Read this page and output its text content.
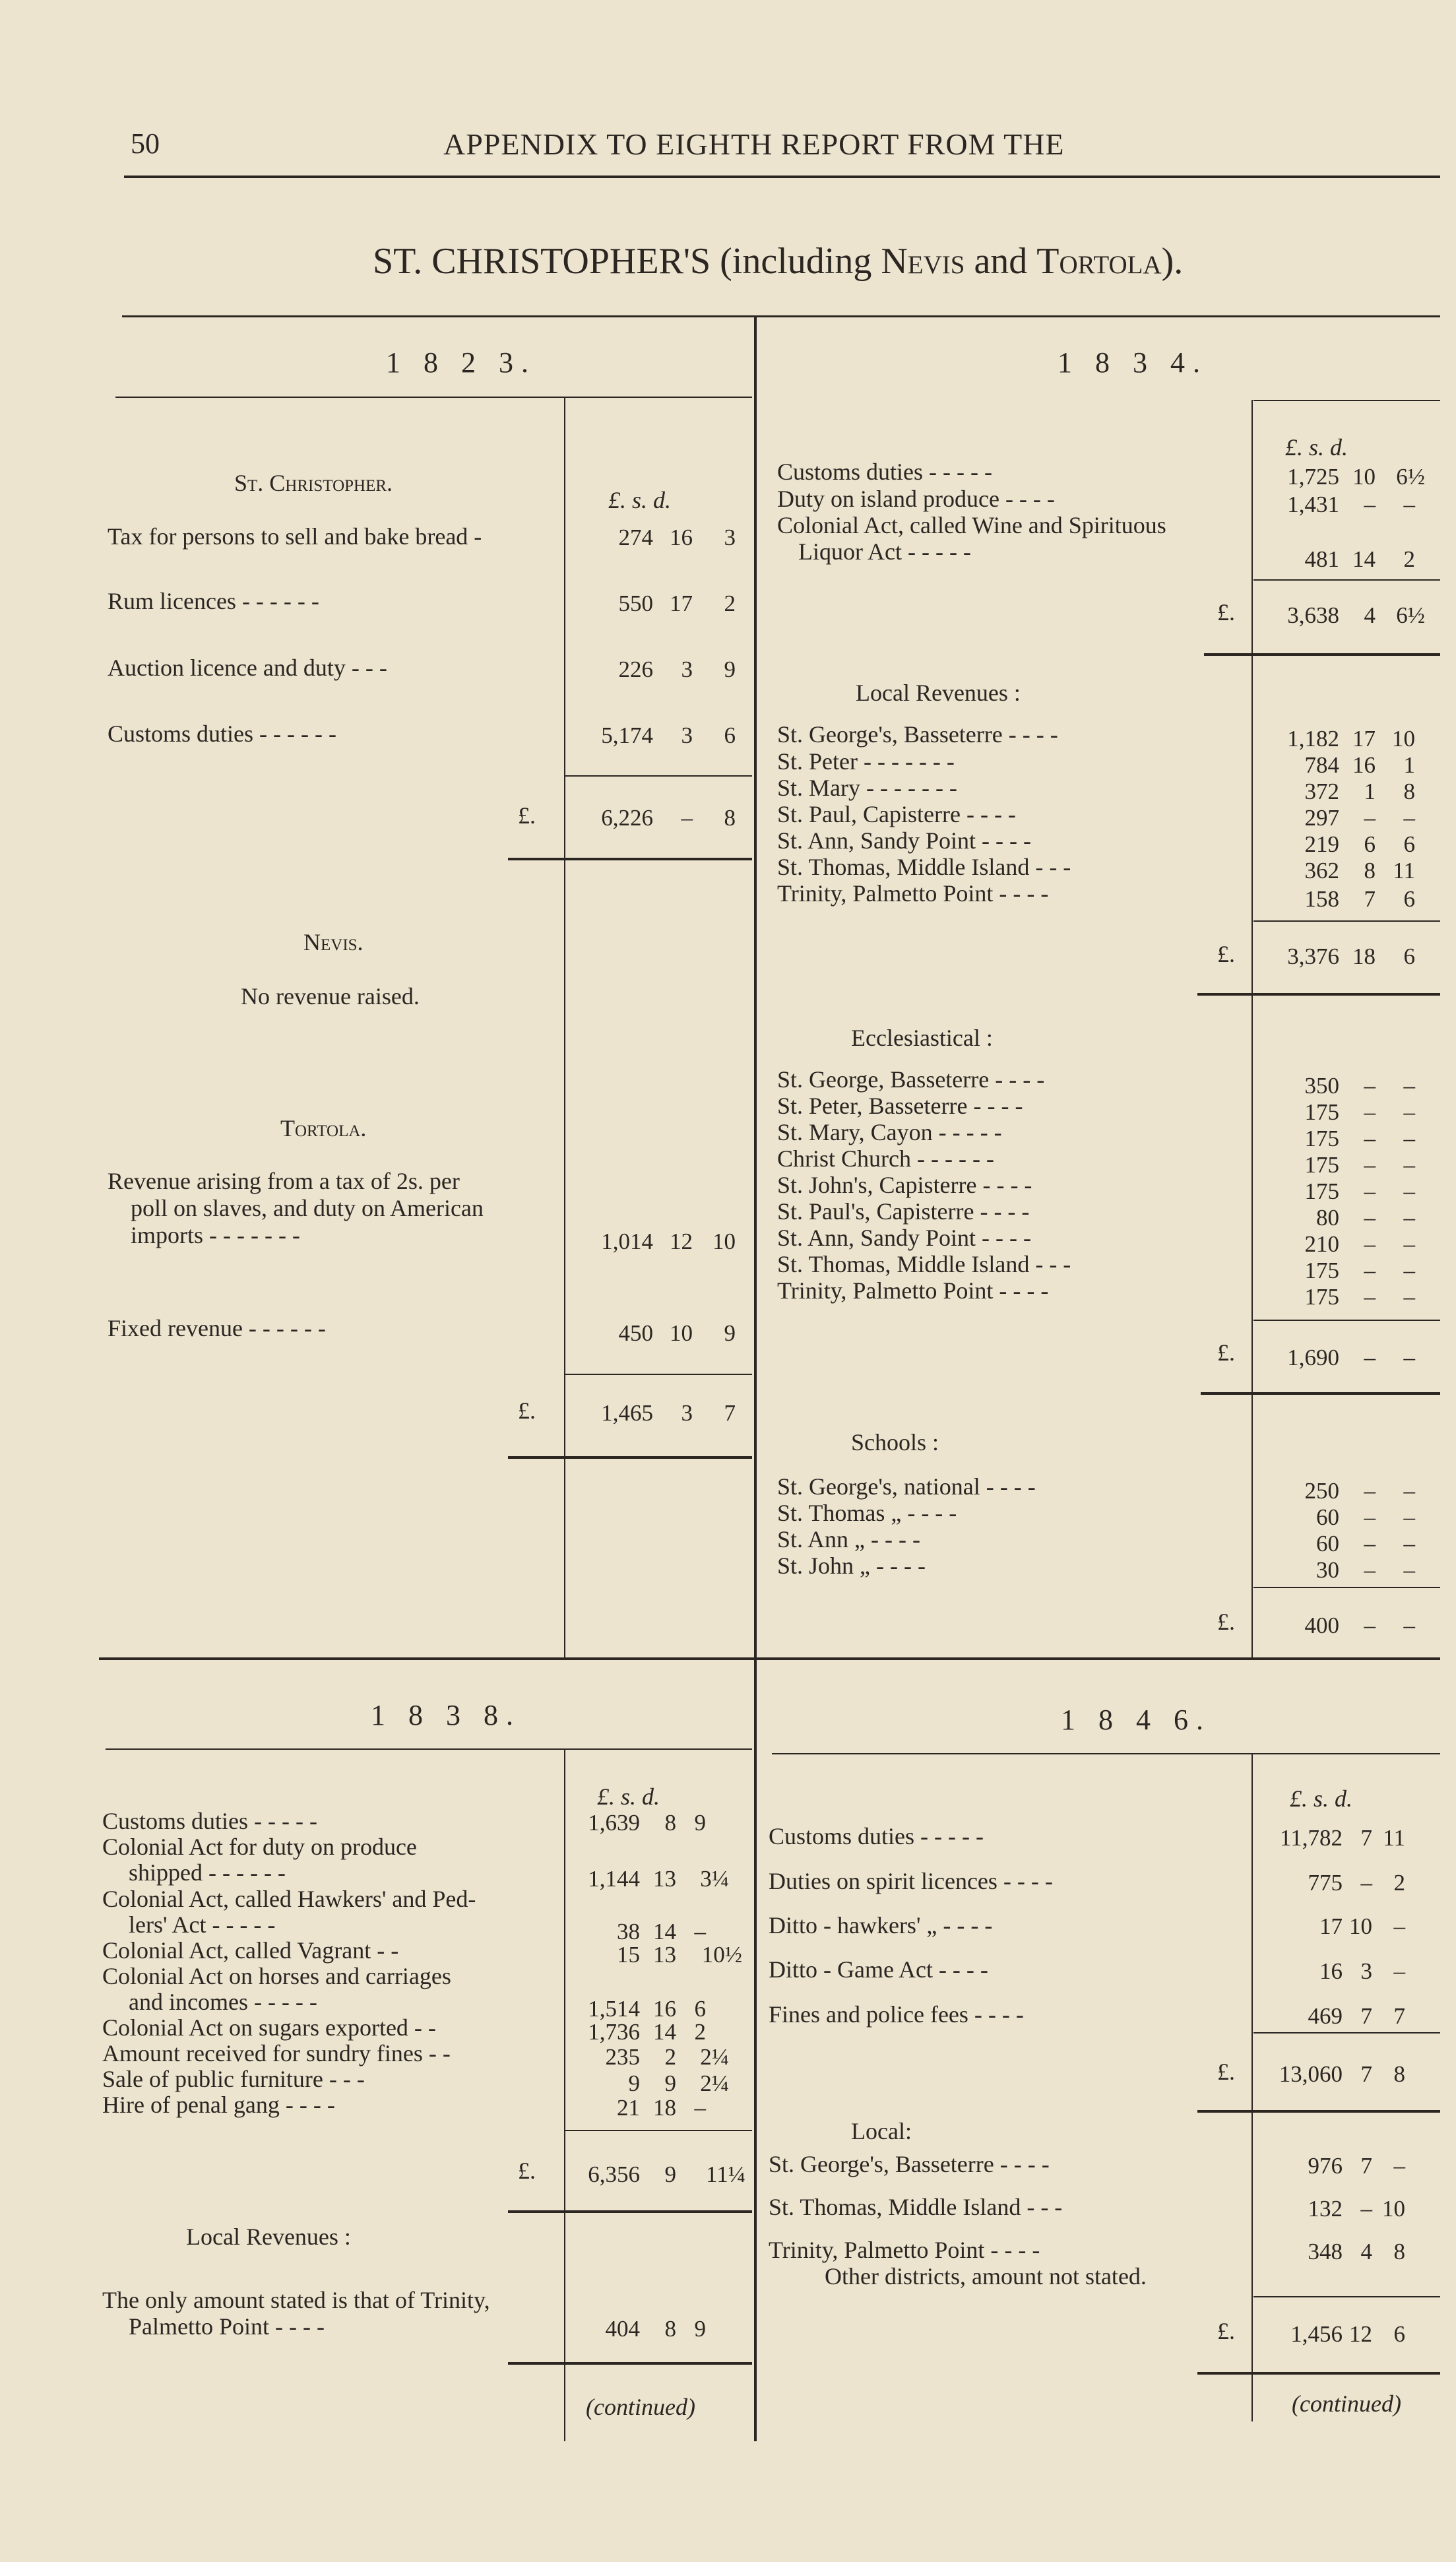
50	APPENDIX TO EIGHTH REPORT FROM THE
ST. CHRISTOPHER'S (including Nevis and Tortola).
1 8 2 3.
St. Christopher.
£. s. d.
Tax for persons to sell and bake bread -	274 16	3
Rum licences - - - - - -	550 17	2
Auction licence and duty - - -	226	3	9
Customs duties - - - - - -	5,174	3	6
£.	6,226	–	8
Nevis.
No revenue raised.
Tortola.
Revenue arising from a tax of 2s. per
poll on slaves, and duty on American
imports - - - - - - -	1,014 12 10
Fixed revenue - - - - - -	450 10	9
£.	1,465	3	7
1 8 3 4.
£. s. d.
Customs duties - - - - -	1,725 10 6½
Duty on island produce - - - -	1,431	–	–
Colonial Act, called Wine and Spirituous
Liquor Act - - - - -	481 14	2
£.	3,638	4 6½
Local Revenues :
St. George's, Basseterre - - - -	1,182 17 10
St. Peter - - - - - - -	784 16	1
St. Mary - - - - - - -	372	1	8
St. Paul, Capisterre - - - -	297	–	–
St. Ann, Sandy Point - - - -	219	6	6
St. Thomas, Middle Island - - -	362	8 11
Trinity, Palmetto Point - - - -	158	7	6
£.	3,376 18	6
Ecclesiastical :
St. George, Basseterre - - - -	350	–	–
St. Peter, Basseterre - - - -	175	–	–
St. Mary, Cayon - - - - -	175	–	–
Christ Church - - - - - -	175	–	–
St. John's, Capisterre - - - -	175	–	–
St. Paul's, Capisterre - - - -	80	–	–
St. Ann, Sandy Point - - - -	210	–	–
St. Thomas, Middle Island - - -	175	–	–
Trinity, Palmetto Point - - - -	175	–	–
£.	1,690	–	–
Schools :
St. George's, national - - - -	250	–	–
St. Thomas „ - - - -	60	–	–
St. Ann „ - - - -	60	–	–
St. John „ - - - -	30	–	–
£.	400	–	–
1 8 3 8.
£. s. d.
Customs duties - - - - -	1,639	8 9
Colonial Act for duty on produce
shipped - - - - - -	1,144 13	3¼
Colonial Act, called Hawkers' and Ped-
lers' Act - - - - -	38 14 –
Colonial Act, called Vagrant - -	15 13	10½
Colonial Act on horses and carriages
and incomes - - - - -	1,514 16 6
Colonial Act on sugars exported - -	1,736 14 2
Amount received for sundry fines - -	235	2	2¼
Sale of public furniture - - -	9	9	2¼
Hire of penal gang - - - -	21 18 –
£.	6,356	9	11¼
Local Revenues :
The only amount stated is that of Trinity,
Palmetto Point - - - -	404	8 9
(continued)
1 8 4 6.
£. s. d.
Customs duties - - - - -	11,782 7 11
Duties on spirit licences - - - -	775 – 2
Ditto - hawkers' „ - - - -	17 10 –
Ditto - Game Act - - - -	16 3 –
Fines and police fees - - - -	469 7 7
£.	13,060 7 8
Local:
St. George's, Basseterre - - - -	976 7 –
St. Thomas, Middle Island - - -	132 – 10
Trinity, Palmetto Point - - - -	348 4 8
Other districts, amount not stated.
£.	1,456 12 6
(continued)
